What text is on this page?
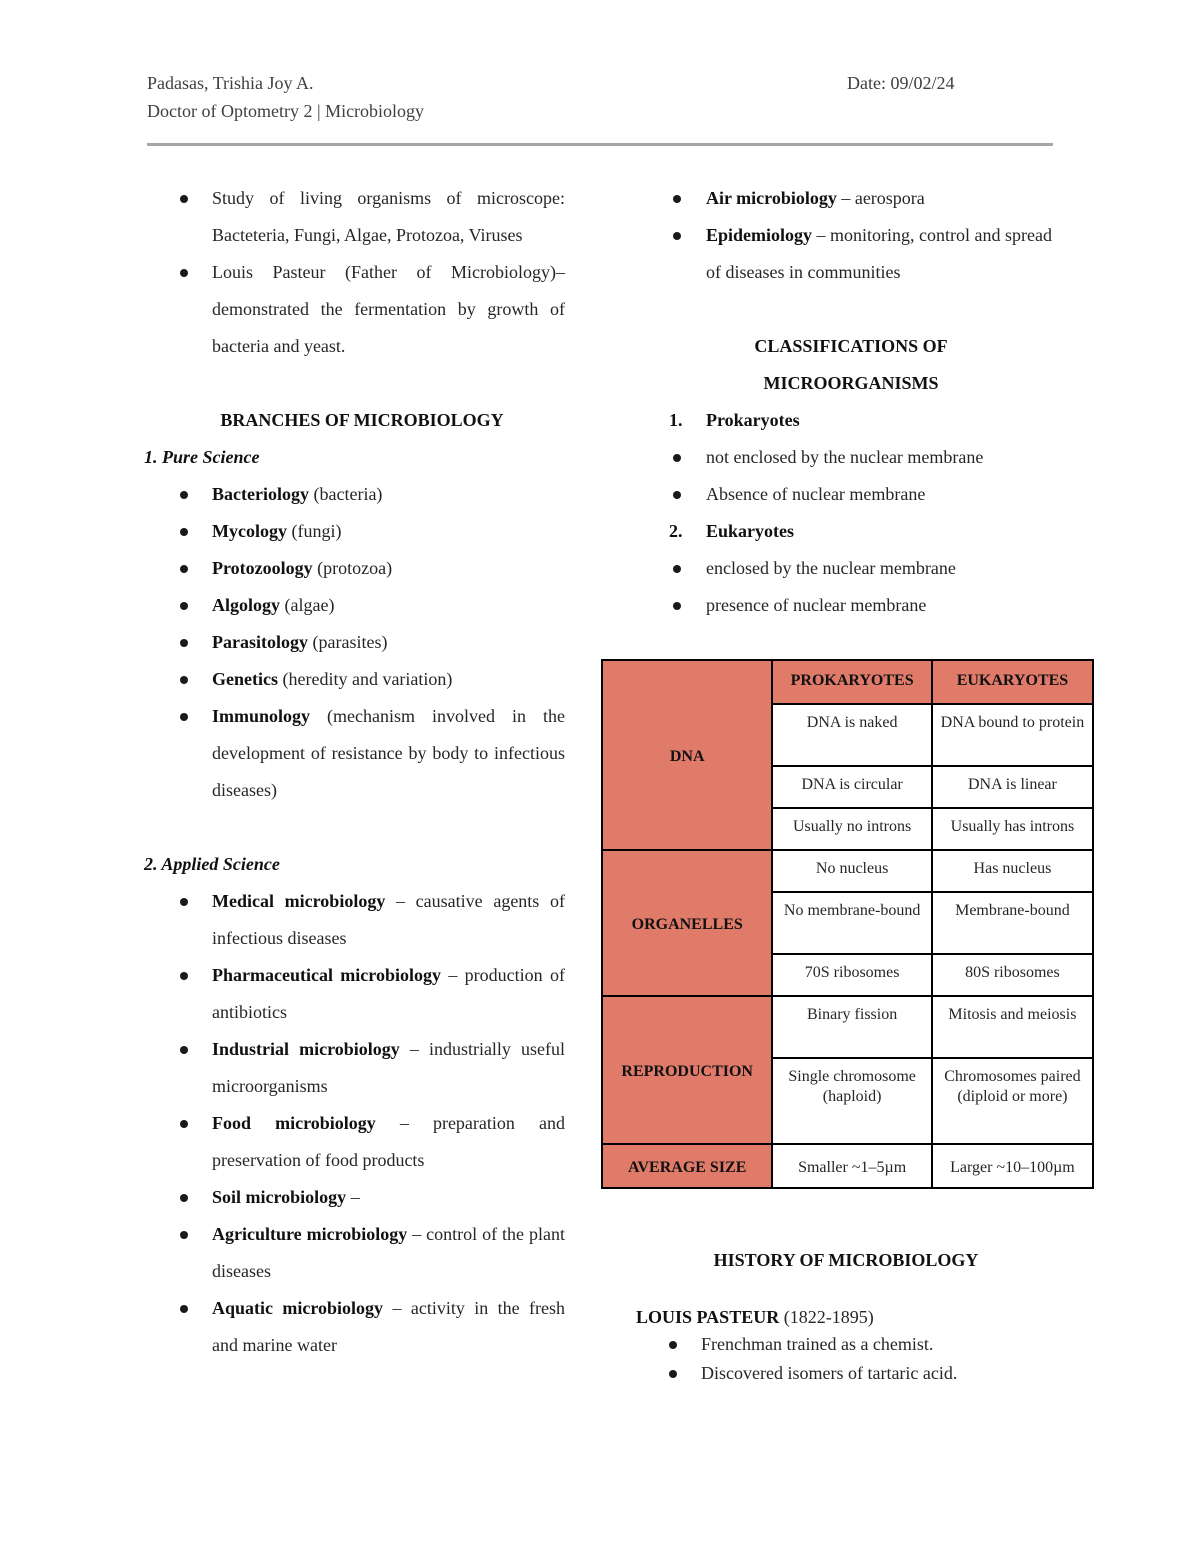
Padasas, Trishia Joy A.
Doctor of Optometry 2 | Microbiology
Date: 09/02/24
Study of living organisms of microscope: Bacteteria, Fungi, Algae, Protozoa, Viruses
Louis Pasteur (Father of Microbiology)– demonstrated the fermentation by growth of bacteria and yeast.
BRANCHES OF MICROBIOLOGY
1. Pure Science
Bacteriology (bacteria)
Mycology (fungi)
Protozoology (protozoa)
Algology (algae)
Parasitology (parasites)
Genetics (heredity and variation)
Immunology (mechanism involved in the development of resistance by body to infectious diseases)
2. Applied Science
Medical microbiology – causative agents of infectious diseases
Pharmaceutical microbiology – production of antibiotics
Industrial microbiology – industrially useful microorganisms
Food microbiology – preparation and preservation of food products
Soil microbiology –
Agriculture microbiology – control of the plant diseases
Aquatic microbiology – activity in the fresh and marine water
Air microbiology – aerospora
Epidemiology – monitoring, control and spread of diseases in communities
CLASSIFICATIONS OF
MICROORGANISMS
1. Prokaryotes
not enclosed by the nuclear membrane
Absence of nuclear membrane
2. Eukaryotes
enclosed by the nuclear membrane
presence of nuclear membrane
DNA	PROKARYOTES	EUKARYOTES
	DNA is naked	DNA bound to protein
	DNA is circular	DNA is linear
	Usually no introns	Usually has introns
ORGANELLES	No nucleus	Has nucleus
	No membrane-bound	Membrane-bound
	70S ribosomes	80S ribosomes
REPRODUCTION	Binary fission	Mitosis and meiosis
	Single chromosome (haploid)	Chromosomes paired (diploid or more)
AVERAGE SIZE	Smaller ~1–5µm	Larger ~10–100µm
HISTORY OF MICROBIOLOGY
LOUIS PASTEUR (1822-1895)
Frenchman trained as a chemist.
Discovered isomers of tartaric acid.
